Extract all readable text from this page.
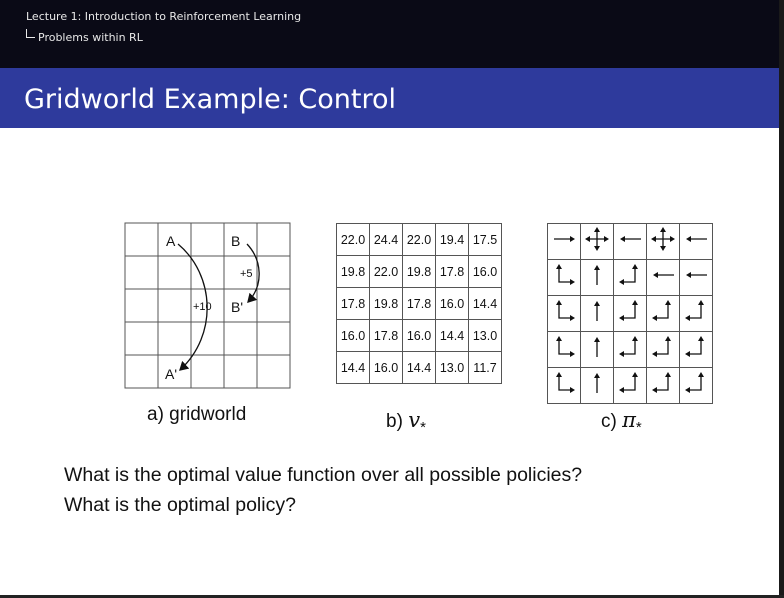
Lecture 1: Introduction to Reinforcement Learning
Problems within RL
Gridworld Example: Control
A	B
+5
+10 B'
A'
a) gridworld
22.0	24.4	22.0	19.4	17.5
19.8	22.0	19.8	17.8	16.0
17.8	19.8	17.8	16.0	14.4
16.0	17.8	16.0	14.4	13.0
14.4	16.0	14.4	13.0	11.7
b) $v_*$

					c) $\pi_*$
What is the optimal value function over all possible policies?
What is the optimal policy?
